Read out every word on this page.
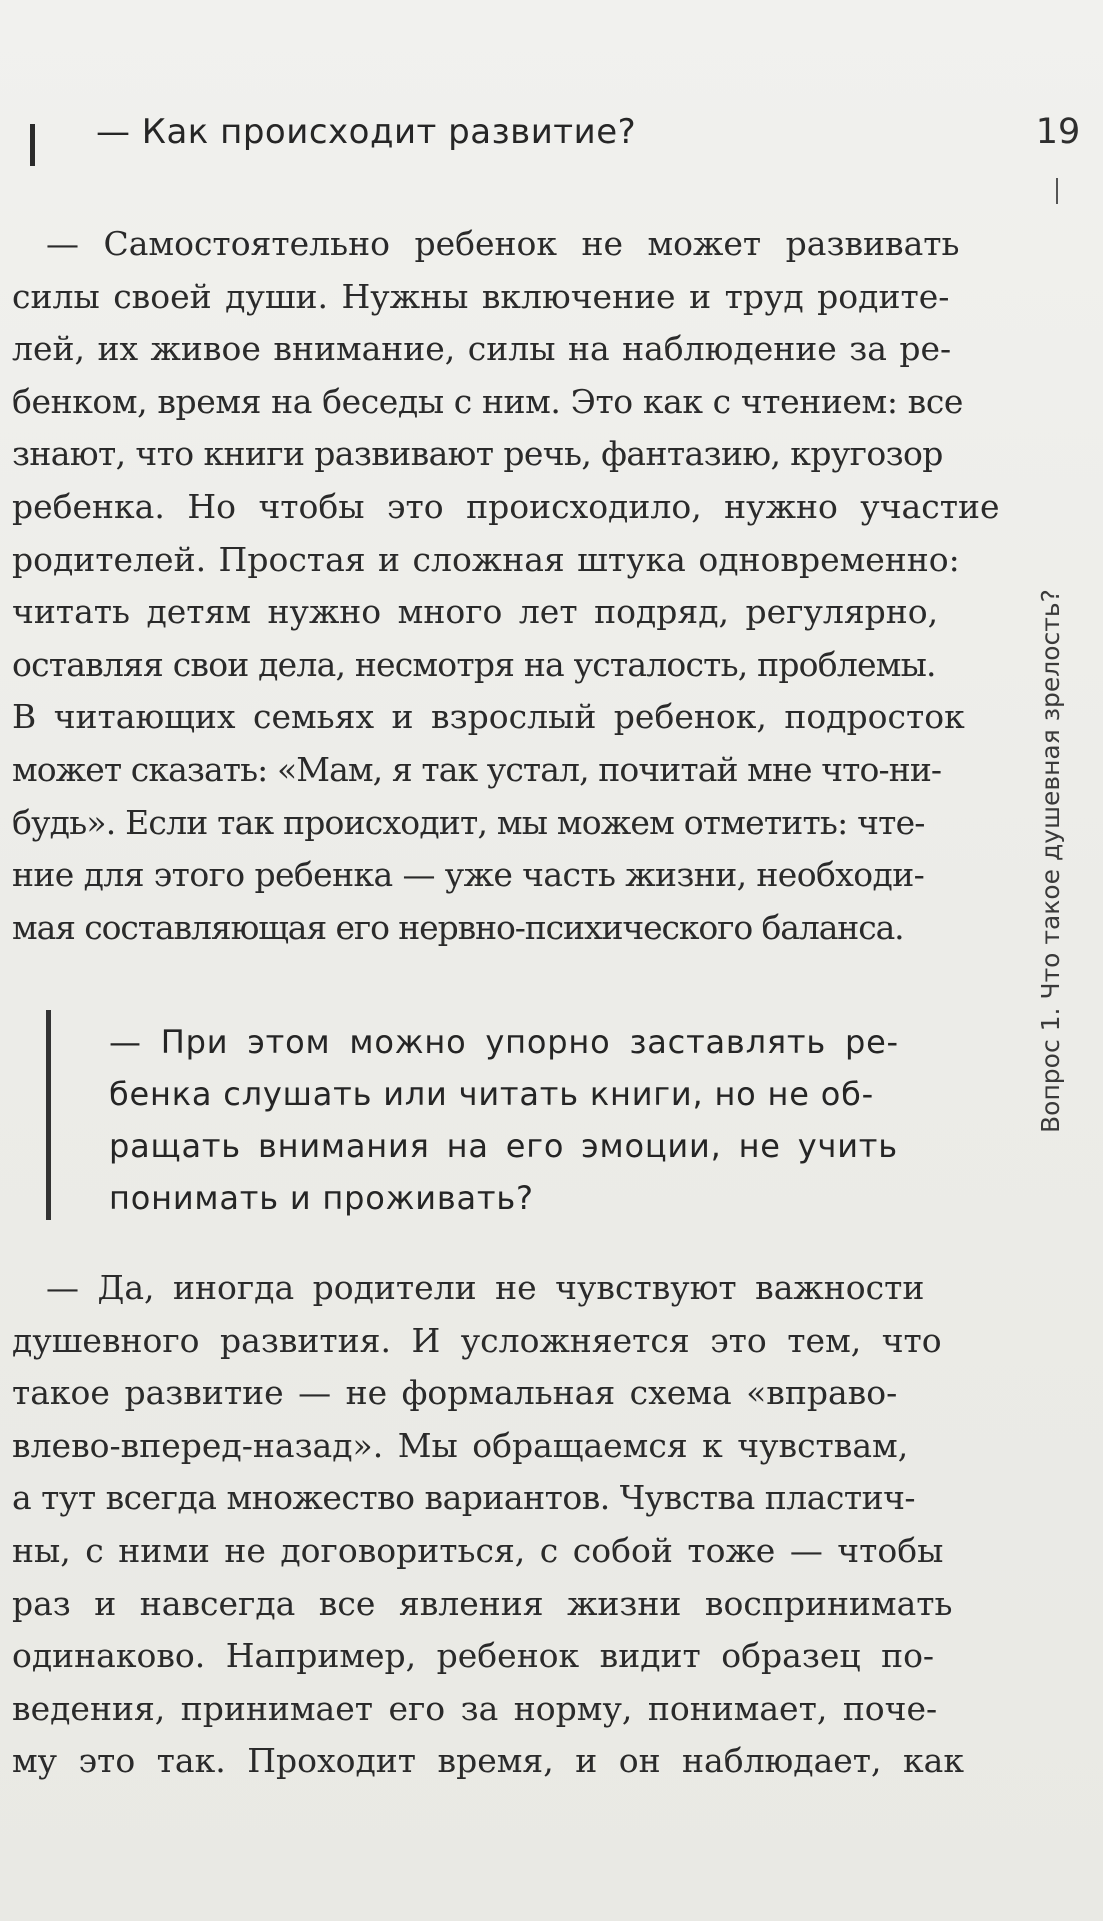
19
Вопрос 1. Что такое душевная зрелость?
— Как происходит развитие?
— Самостоятельно ребенок не может развивать
силы своей души. Нужны включение и труд родите-
лей, их живое внимание, силы на наблюдение за ре-
бенком, время на беседы с ним. Это как с чтением: все
знают, что книги развивают речь, фантазию, кругозор
ребенка. Но чтобы это происходило, нужно участие
родителей. Простая и сложная штука одновременно:
читать детям нужно много лет подряд, регулярно,
оставляя свои дела, несмотря на усталость, проблемы.
В читающих семьях и взрослый ребенок, подросток
может сказать: «Мам, я так устал, почитай мне что-ни-
будь». Если так происходит, мы можем отметить: чте-
ние для этого ребенка — уже часть жизни, необходи-
мая составляющая его нервно-психического баланса.
— При этом можно упорно заставлять ре-
бенка слушать или читать книги, но не об-
ращать внимания на его эмоции, не учить
понимать и проживать?
— Да, иногда родители не чувствуют важности
душевного развития. И усложняется это тем, что
такое развитие — не формальная схема «вправо-
влево-вперед-назад». Мы обращаемся к чувствам,
а тут всегда множество вариантов. Чувства пластич-
ны, с ними не договориться, с собой тоже — чтобы
раз и навсегда все явления жизни воспринимать
одинаково. Например, ребенок видит образец по-
ведения, принимает его за норму, понимает, поче-
му это так. Проходит время, и он наблюдает, как
